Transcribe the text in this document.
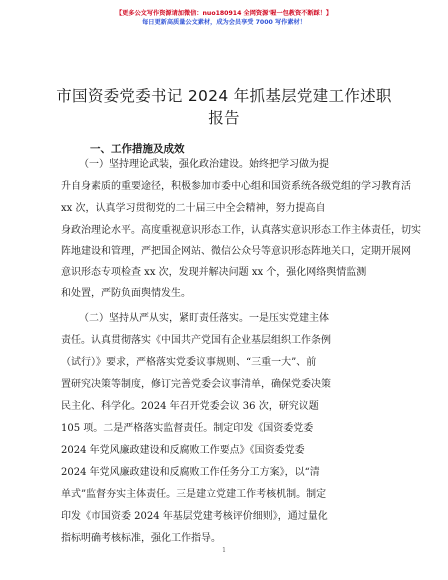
【更多公文写作资源请加微信：nuo180914 全网资源'喔一包教资不断踩！】
每日更新高质量公文素材，成为会员享受 7000 写作素材！
市国资委党委书记 2024 年抓基层党建工作述职
报告
一、工作措施及成效
（一）坚持理论武装，强化政治建设。始终把学习做为提
升自身素质的重要途径，积极参加市委中心组和国资系统各级党组的学习教育活
xx 次，认真学习贯彻党的二十届三中全会精神，努力提高自
身政治理论水平。高度重视意识形态工作，认真落实意识形态工作主体责任，切实
阵地建设和管理，严把国企网站、微信公众号等意识形态阵地关口，定期开展网
意识形态专项检查 xx 次，发现并解决问题 xx 个，强化网络舆情监测
和处置，严防负面舆情发生。
（二）坚持从严从实，紧盯责任落实。一是压实党建主体
责任。认真贯彻落实《中国共产党国有企业基层组织工作条例
（试行）》要求，严格落实党委议事规则、“三重一大”、前
置研究决策等制度，修订完善党委会议事清单，确保党委决策
民主化、科学化。2024 年召开党委会议 36 次，研究议题
105 项。二是严格落实监督责任。制定印发《国资委党委
2024 年党风廉政建设和反腐败工作要点》《国资委党委
2024 年党风廉政建设和反腐败工作任务分工方案》，以“清
单式”监督夯实主体责任。三是建立党建工作考核机制。制定
印发《市国资委 2024 年基层党建考核评价细则》，通过量化
指标明确考核标准，强化工作指导。
1
